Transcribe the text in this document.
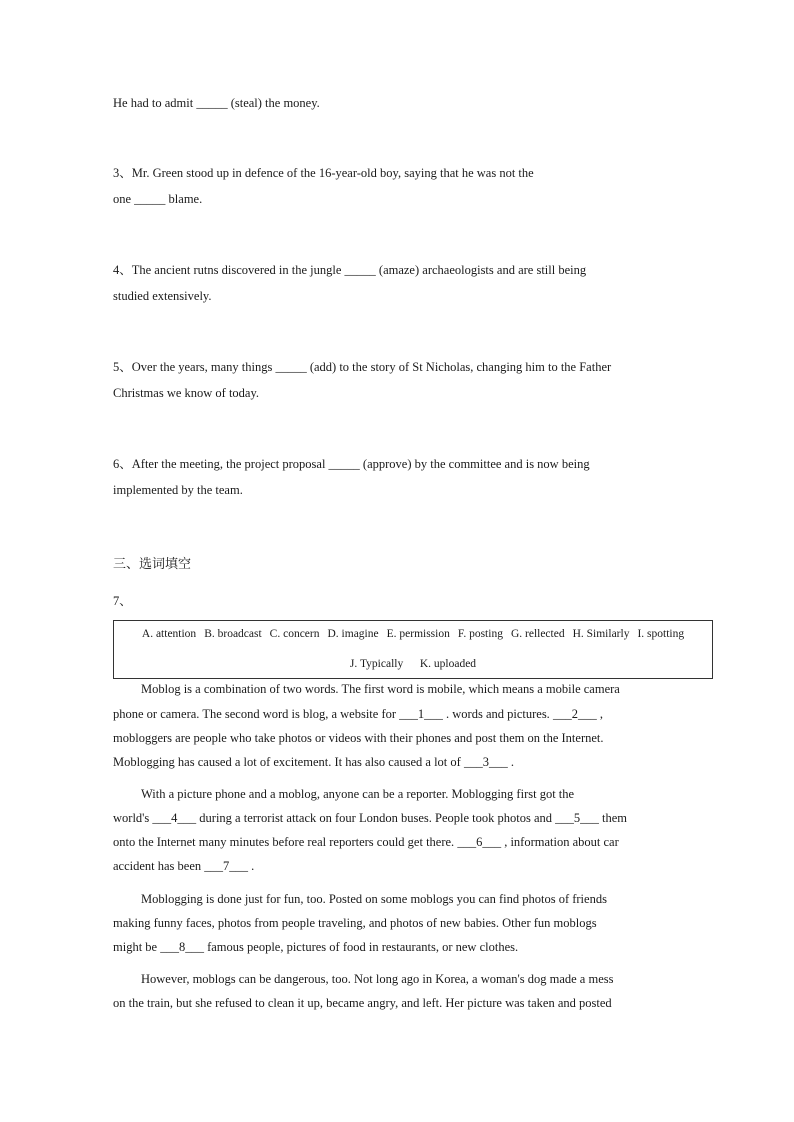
He had to admit _____ (steal) the money.
3、Mr. Green stood up in defence of the 16-year-old boy, saying that he was not the
one _____ blame.
4、The ancient rutns discovered in the jungle _____ (amaze) archaeologists and are still being
studied extensively.
5、Over the years, many things _____ (add) to the story of St Nicholas, changing him to the Father
Christmas we know of today.
6、After the meeting, the project proposal _____ (approve) by the committee and is now being
implemented by the team.
三、选词填空
7、
A. attention B. broadcast C. concern D. imagine E. permission F. posting G. rellected H. Similarly I. spotting
J. Typically K. uploaded
Moblog is a combination of two words. The first word is mobile, which means a mobile camera
phone or camera. The second word is blog, a website for ___1___ . words and pictures. ___2___ ,
mobloggers are people who take photos or videos with their phones and post them on the Internet.
Moblogging has caused a lot of excitement. It has also caused a lot of ___3___ .
With a picture phone and a moblog, anyone can be a reporter. Moblogging first got the
world's ___4___ during a terrorist attack on four London buses. People took photos and ___5___ them
onto the Internet many minutes before real reporters could get there. ___6___ , information about car
accident has been ___7___ .
Moblogging is done just for fun, too. Posted on some moblogs you can find photos of friends
making funny faces, photos from people traveling, and photos of new babies. Other fun moblogs
might be ___8___ famous people, pictures of food in restaurants, or new clothes.
However, moblogs can be dangerous, too. Not long ago in Korea, a woman's dog made a mess
on the train, but she refused to clean it up, became angry, and left. Her picture was taken and posted
